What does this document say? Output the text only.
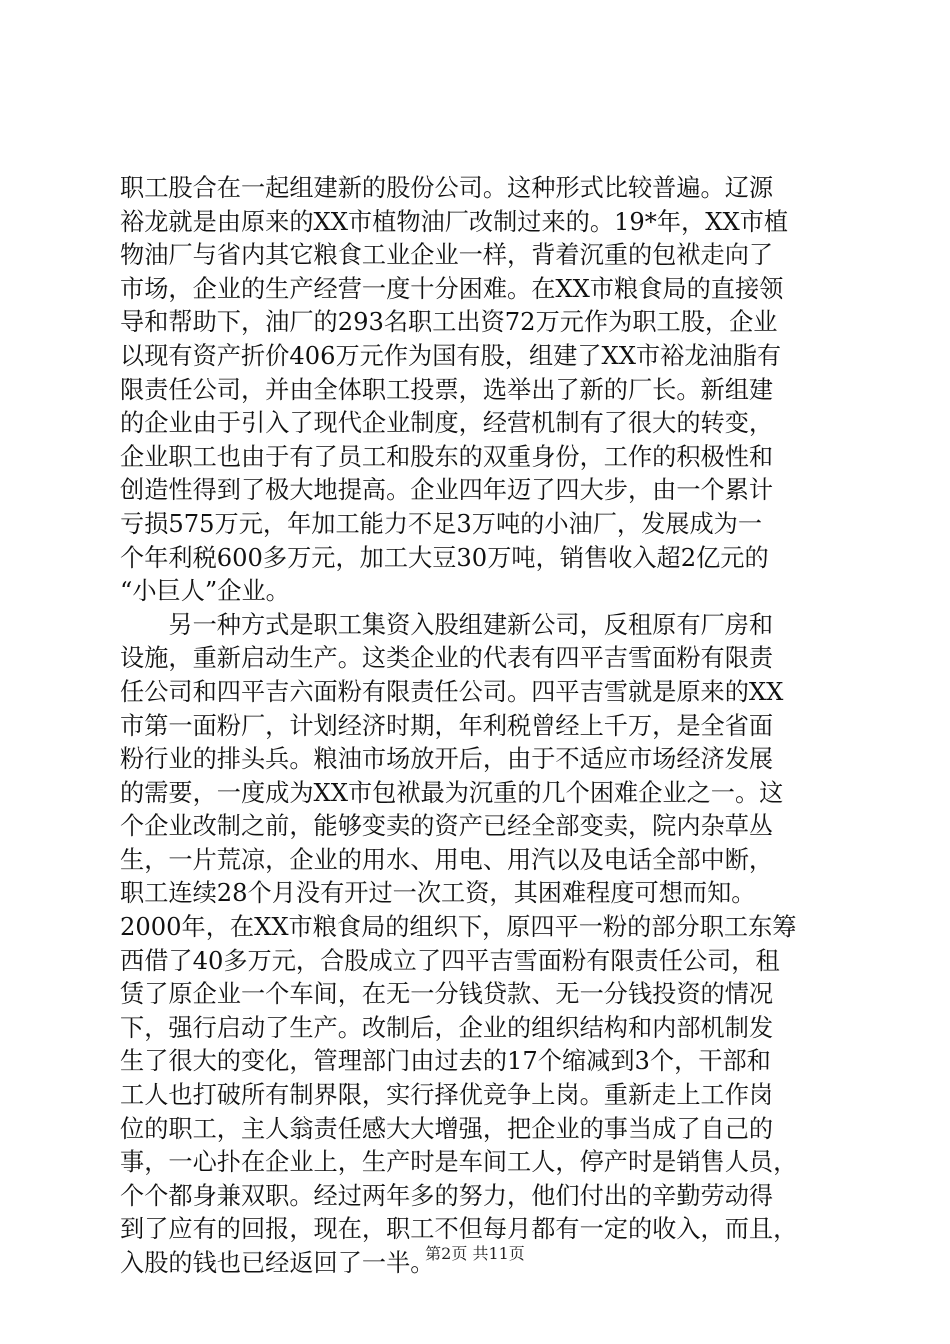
职工股合在一起组建新的股份公司。这种形式比较普遍。辽源
裕龙就是由原来的XX市植物油厂改制过来的。19*年，XX市植
物油厂与省内其它粮食工业企业一样，背着沉重的包袱走向了
市场，企业的生产经营一度十分困难。在XX市粮食局的直接领
导和帮助下，油厂的293名职工出资72万元作为职工股，企业
以现有资产折价406万元作为国有股，组建了XX市裕龙油脂有
限责任公司，并由全体职工投票，选举出了新的厂长。新组建
的企业由于引入了现代企业制度，经营机制有了很大的转变，
企业职工也由于有了员工和股东的双重身份，工作的积极性和
创造性得到了极大地提高。企业四年迈了四大步，由一个累计
亏损575万元，年加工能力不足3万吨的小油厂，发展成为一
个年利税600多万元，加工大豆30万吨，销售收入超2亿元的
“小巨人”企业。
　　另一种方式是职工集资入股组建新公司，反租原有厂房和
设施，重新启动生产。这类企业的代表有四平吉雪面粉有限责
任公司和四平吉六面粉有限责任公司。四平吉雪就是原来的XX
市第一面粉厂，计划经济时期，年利税曾经上千万，是全省面
粉行业的排头兵。粮油市场放开后，由于不适应市场经济发展
的需要，一度成为XX市包袱最为沉重的几个困难企业之一。这
个企业改制之前，能够变卖的资产已经全部变卖，院内杂草丛
生，一片荒凉，企业的用水、用电、用汽以及电话全部中断，
职工连续28个月没有开过一次工资，其困难程度可想而知。
2000年，在XX市粮食局的组织下，原四平一粉的部分职工东筹
西借了40多万元，合股成立了四平吉雪面粉有限责任公司，租
赁了原企业一个车间，在无一分钱贷款、无一分钱投资的情况
下，强行启动了生产。改制后，企业的组织结构和内部机制发
生了很大的变化，管理部门由过去的17个缩减到3个，干部和
工人也打破所有制界限，实行择优竞争上岗。重新走上工作岗
位的职工，主人翁责任感大大增强，把企业的事当成了自己的
事，一心扑在企业上，生产时是车间工人，停产时是销售人员，
个个都身兼双职。经过两年多的努力，他们付出的辛勤劳动得
到了应有的回报，现在，职工不但每月都有一定的收入，而且，
入股的钱也已经返回了一半。
第2页 共11页
